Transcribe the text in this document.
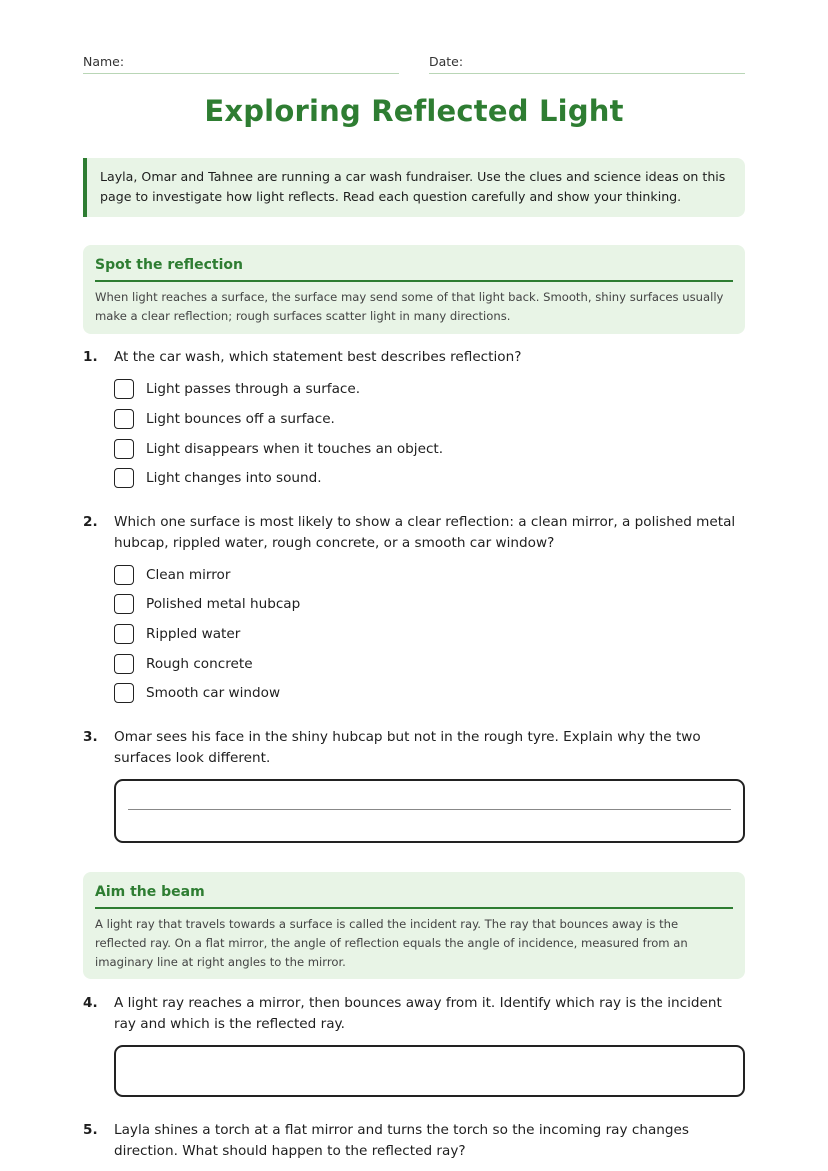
Name:	Date:
Exploring Reflected Light
Layla, Omar and Tahnee are running a car wash fundraiser. Use the clues and science ideas on this page to investigate how light reflects. Read each question carefully and show your thinking.
Spot the reflection

When light reaches a surface, the surface may send some of that light back. Smooth, shiny surfaces usually make a clear reflection; rough surfaces scatter light in many directions.

1. At the car wash, which statement best describes reflection?
Light passes through a surface.
Light bounces off a surface.
Light disappears when it touches an object.
Light changes into sound.
2. Which one surface is most likely to show a clear reflection: a clean mirror, a polished metal hubcap, rippled water, rough concrete, or a smooth car window?
Clean mirror
Polished metal hubcap
Rippled water
Rough concrete
Smooth car window
3. Omar sees his face in the shiny hubcap but not in the rough tyre. Explain why the two surfaces look different.
Aim the beam

A light ray that travels towards a surface is called the incident ray. The ray that bounces away is the reflected ray. On a flat mirror, the angle of reflection equals the angle of incidence, measured from an imaginary line at right angles to the mirror.

4. A light ray reaches a mirror, then bounces away from it. Identify which ray is the incident ray and which is the reflected ray.
5. Layla shines a torch at a flat mirror and turns the torch so the incoming ray changes direction. What should happen to the reflected ray?
